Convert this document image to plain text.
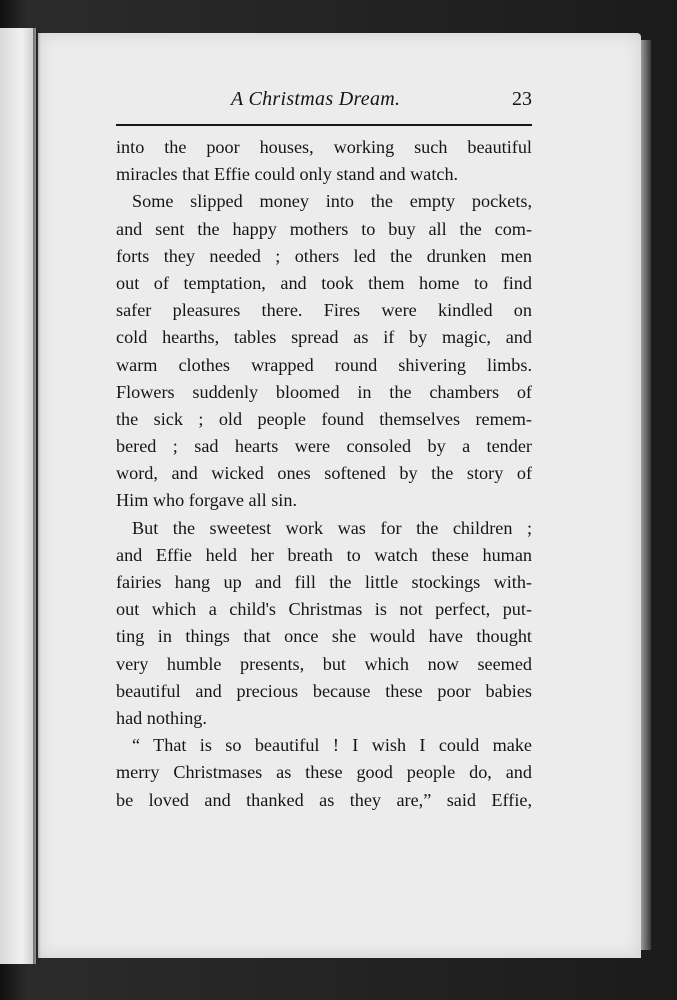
A Christmas Dream.	23
into the poor houses, working such beautiful
miracles that Effie could only stand and watch.
Some slipped money into the empty pockets,
and sent the happy mothers to buy all the com-
forts they needed ; others led the drunken men
out of temptation, and took them home to find
safer pleasures there. Fires were kindled on
cold hearths, tables spread as if by magic, and
warm clothes wrapped round shivering limbs.
Flowers suddenly bloomed in the chambers of
the sick ; old people found themselves remem-
bered ; sad hearts were consoled by a tender
word, and wicked ones softened by the story of
Him who forgave all sin.
But the sweetest work was for the children ;
and Effie held her breath to watch these human
fairies hang up and fill the little stockings with-
out which a child's Christmas is not perfect, put-
ting in things that once she would have thought
very humble presents, but which now seemed
beautiful and precious because these poor babies
had nothing.
“ That is so beautiful ! I wish I could make
merry Christmases as these good people do, and
be loved and thanked as they are,” said Effie,
